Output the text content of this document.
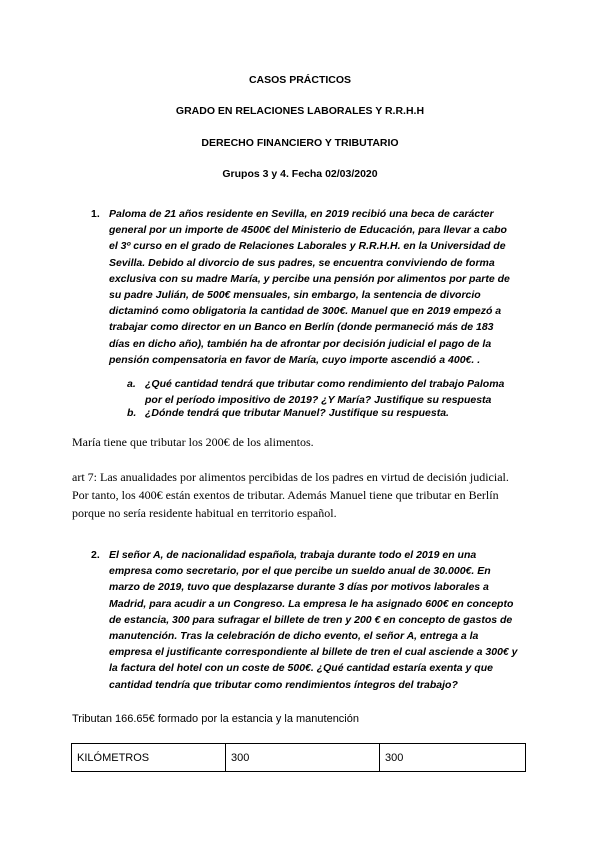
CASOS PRÁCTICOS
GRADO EN RELACIONES LABORALES Y R.R.H.H
DERECHO FINANCIERO Y TRIBUTARIO
Grupos 3 y 4. Fecha 02/03/2020
1. Paloma de 21 años residente en Sevilla, en 2019 recibió una beca de carácter general por un importe de 4500€ del Ministerio de Educación, para llevar a cabo el 3º curso en el grado de Relaciones Laborales y R.R.H.H. en la Universidad de Sevilla. Debido al divorcio de sus padres, se encuentra conviviendo de forma exclusiva con su madre María, y percibe una pensión por alimentos por parte de su padre Julián, de 500€ mensuales, sin embargo, la sentencia de divorcio dictaminó como obligatoria la cantidad de 300€. Manuel que en 2019 empezó a trabajar como director en un Banco en Berlín (donde permaneció más de 183 días en dicho año), también ha de afrontar por decisión judicial el pago de la pensión compensatoria en favor de María, cuyo importe ascendió a 400€. .
a. ¿Qué cantidad tendrá que tributar como rendimiento del trabajo Paloma por el período impositivo de 2019? ¿Y María? Justifique su respuesta
b. ¿Dónde tendrá que tributar Manuel? Justifique su respuesta.
María tiene que tributar los 200€ de los alimentos.
art 7: Las anualidades por alimentos percibidas de los padres en virtud de decisión judicial. Por tanto, los 400€ están exentos de tributar. Además Manuel tiene que tributar en Berlín porque no sería residente habitual en territorio español.
2. El señor A, de nacionalidad española, trabaja durante todo el 2019 en una empresa como secretario, por el que percibe un sueldo anual de 30.000€. En marzo de 2019, tuvo que desplazarse durante 3 días por motivos laborales a Madrid, para acudir a un Congreso. La empresa le ha asignado 600€ en concepto de estancia, 300 para sufragar el billete de tren y 200 € en concepto de gastos de manutención. Tras la celebración de dicho evento, el señor A, entrega a la empresa el justificante correspondiente al billete de tren el cual asciende a 300€ y la factura del hotel con un coste de 500€. ¿Qué cantidad estaría exenta y que cantidad tendría que tributar como rendimientos íntegros del trabajo?
Tributan 166.65€ formado por la estancia y la manutención
KILÓMETROS	300	300
